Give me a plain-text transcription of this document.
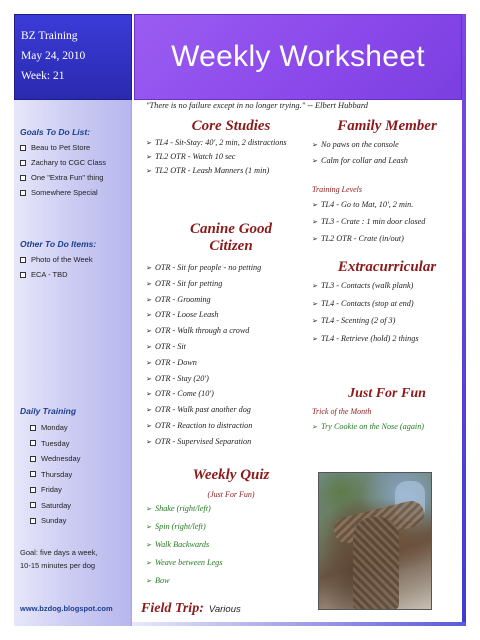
BZ Training
May 24, 2010
Week: 21
Weekly Worksheet
Goals To Do List:
Beau to Pet Store
Zachary to CGC Class
One "Extra Fun" thing
Somewhere Special
Other To Do Items:
Photo of the Week
ECA - TBD
Daily Training
Monday
Tuesday
Wednesday
Thursday
Friday
Saturday
Sunday
Goal: five days a week,
10-15 minutes per dog
www.bzdog.blogspot.com
"There is no failure except in no longer trying." -- Elbert Hubbard
Core Studies
➢ TL4 - Sit-Stay: 40', 2 min, 2 distractions
➢ TL2 OTR - Watch 10 sec
➢ TL2 OTR - Leash Manners (1 min)
Canine Good
Citizen
➢ OTR - Sit for people - no petting
➢ OTR - Sit for petting
➢ OTR - Grooming
➢ OTR - Loose Leash
➢ OTR - Walk through a crowd
➢ OTR - Sit
➢ OTR - Down
➢ OTR - Stay (20')
➢ OTR - Come (10')
➢ OTR - Walk past another dog
➢ OTR - Reaction to distraction
➢ OTR - Supervised Separation
Weekly Quiz
(Just For Fun)
➢ Shake (right/left)
➢ Spin (right/left)
➢ Walk Backwards
➢ Weave between Legs
➢ Bow
Family Member
➢ No paws on the console
➢ Calm for collar and Leash
Training Levels
➢ TL4 - Go to Mat, 10', 2 min.
➢ TL3 - Crate : 1 min door closed
➢ TL2 OTR - Crate (in/out)
Extracurricular
➢ TL3 - Contacts (walk plank)
➢ TL4 - Contacts (stop at end)
➢ TL4 - Scenting (2 of 3)
➢ TL4 - Retrieve (hold) 2 things
Just For Fun
Trick of the Month
➢ Try Cookie on the Nose (again)
Field Trip: Various
